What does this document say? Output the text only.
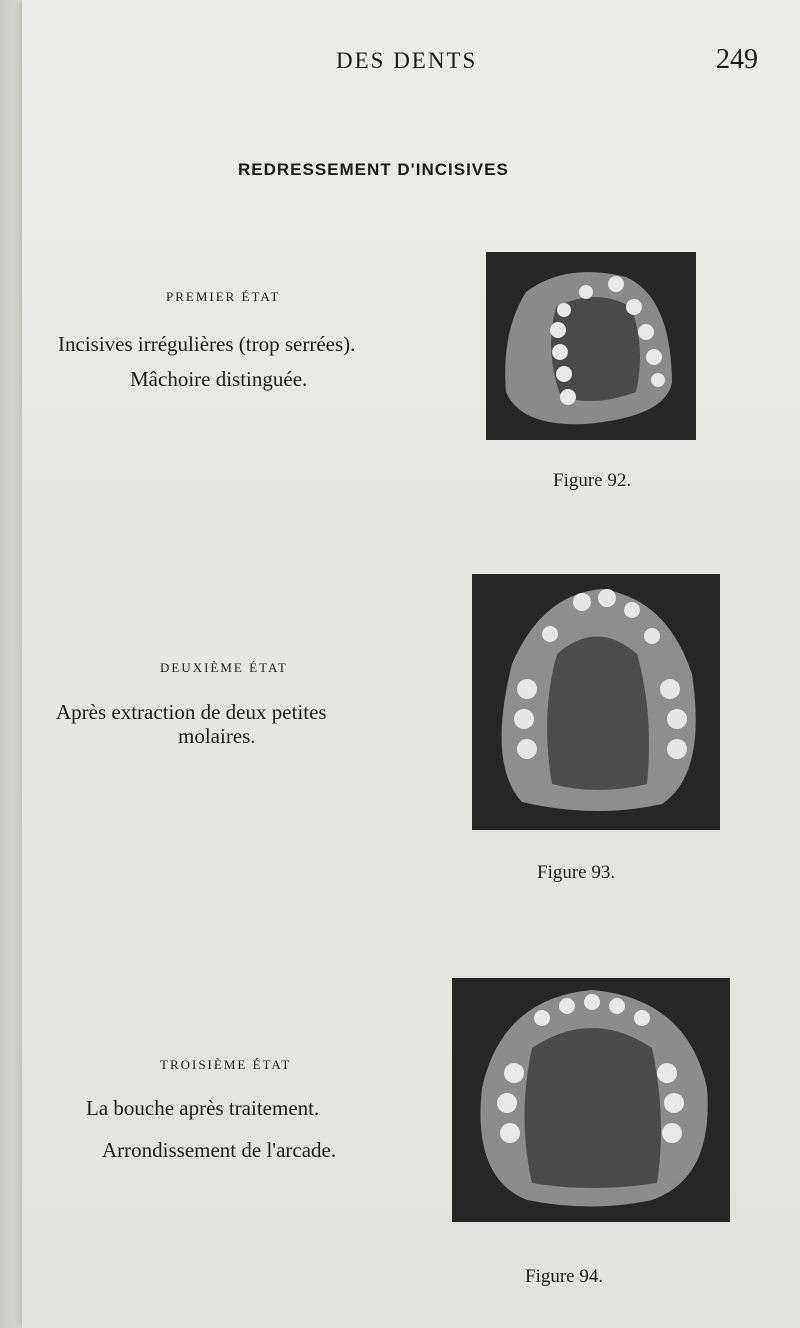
DES DENTS	249
REDRESSEMENT D'INCISIVES
PREMIER ÉTAT
Incisives irrégulières (trop serrées).
Mâchoire distinguée.
Figure 92.
DEUXIÈME ÉTAT
Après extraction de deux petites
molaires.
Figure 93.
TROISIÈME ÉTAT
La bouche après traitement.
Arrondissement de l'arcade.
Figure 94.
